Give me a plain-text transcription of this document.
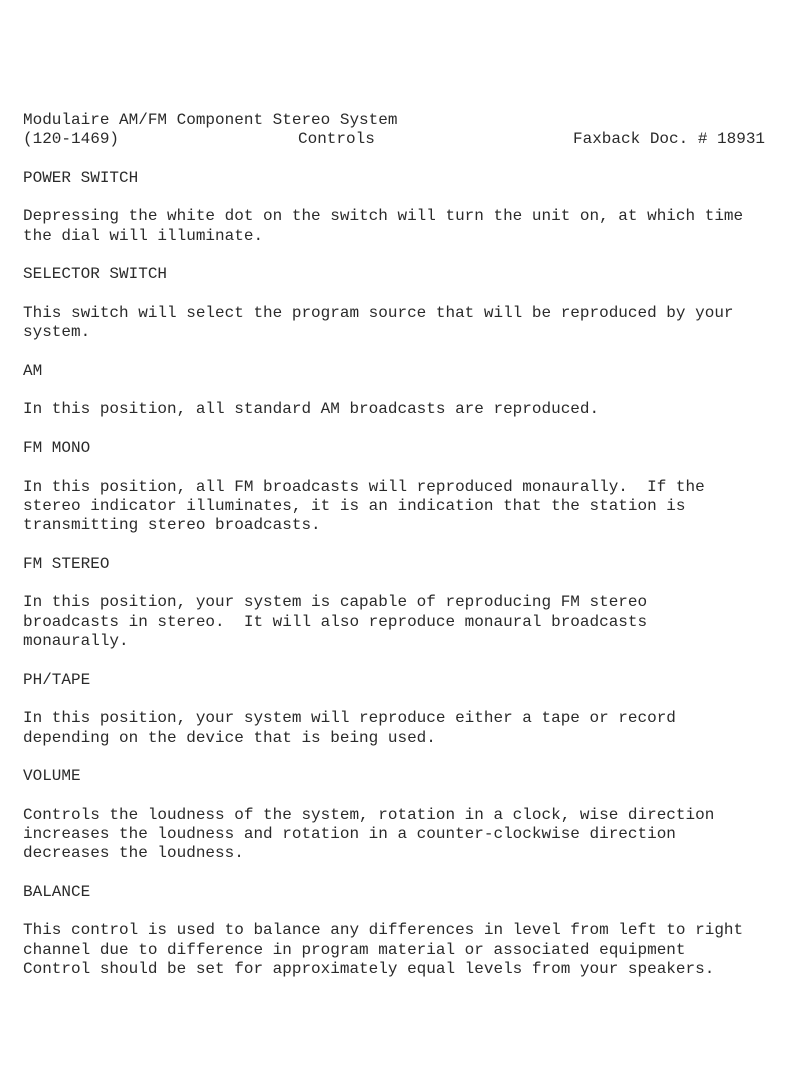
Modulaire AM/FM Component Stereo System

(120-1469)

	Controls

	Faxback Doc. # 18931

POWER SWITCH
Depressing the white dot on the switch will turn the unit on, at which time
the dial will illuminate.
SELECTOR SWITCH
This switch will select the program source that will be reproduced by your
system.
AM
In this position, all standard AM broadcasts are reproduced.
FM MONO
In this position, all FM broadcasts will reproduced monaurally.  If the
stereo indicator illuminates, it is an indication that the station is
transmitting stereo broadcasts.
FM STEREO
In this position, your system is capable of reproducing FM stereo
broadcasts in stereo.  It will also reproduce monaural broadcasts
monaurally.
PH/TAPE
In this position, your system will reproduce either a tape or record
depending on the device that is being used.
VOLUME
Controls the loudness of the system, rotation in a clock, wise direction
increases the loudness and rotation in a counter-clockwise direction
decreases the loudness.
BALANCE
This control is used to balance any differences in level from left to right
channel due to difference in program material or associated equipment
Control should be set for approximately equal levels from your speakers.
